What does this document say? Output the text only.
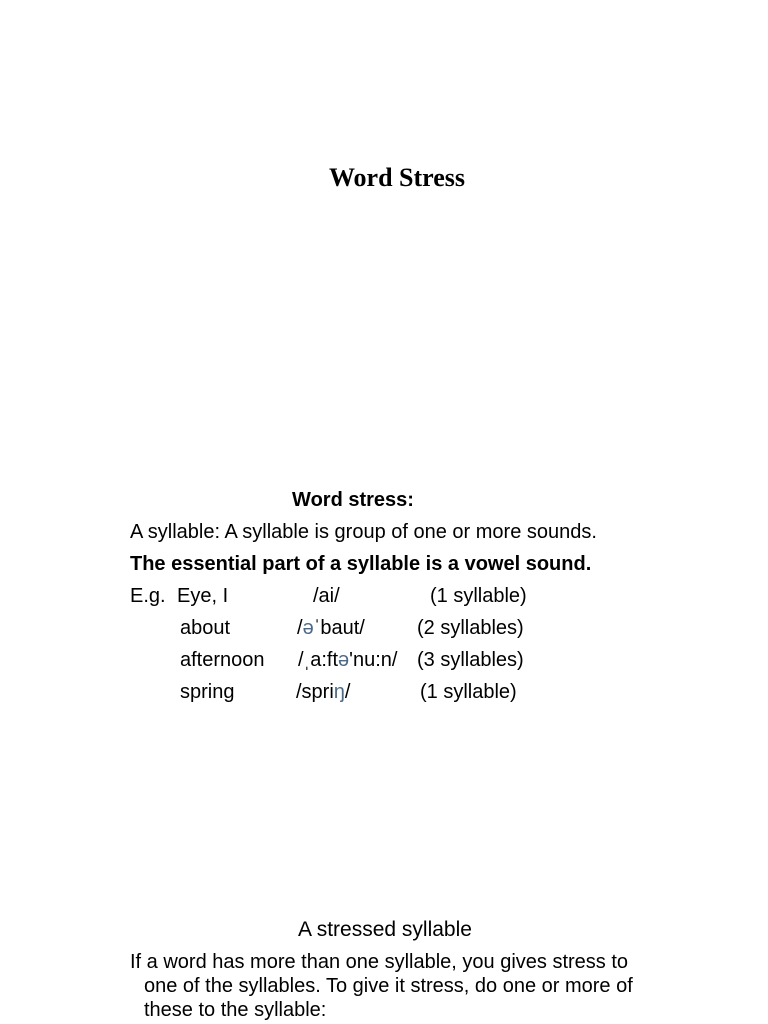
Word Stress
Word stress:

A syllable: A syllable is group of one or more sounds. The essential part of a syllable is a vowel sound.

E.g. Eye, I	/ai/	(1 syllable)
about	/əˈbaut/	(2 syllables)
afternoon /ˌa:ftə'nu:n/ (3 syllables)
spring	/spriŋ/	(1 syllable)
A stressed syllable

If a word has more than one syllable, you gives stress to one of the syllables. To give it stress, do one or more of these to the syllable:
